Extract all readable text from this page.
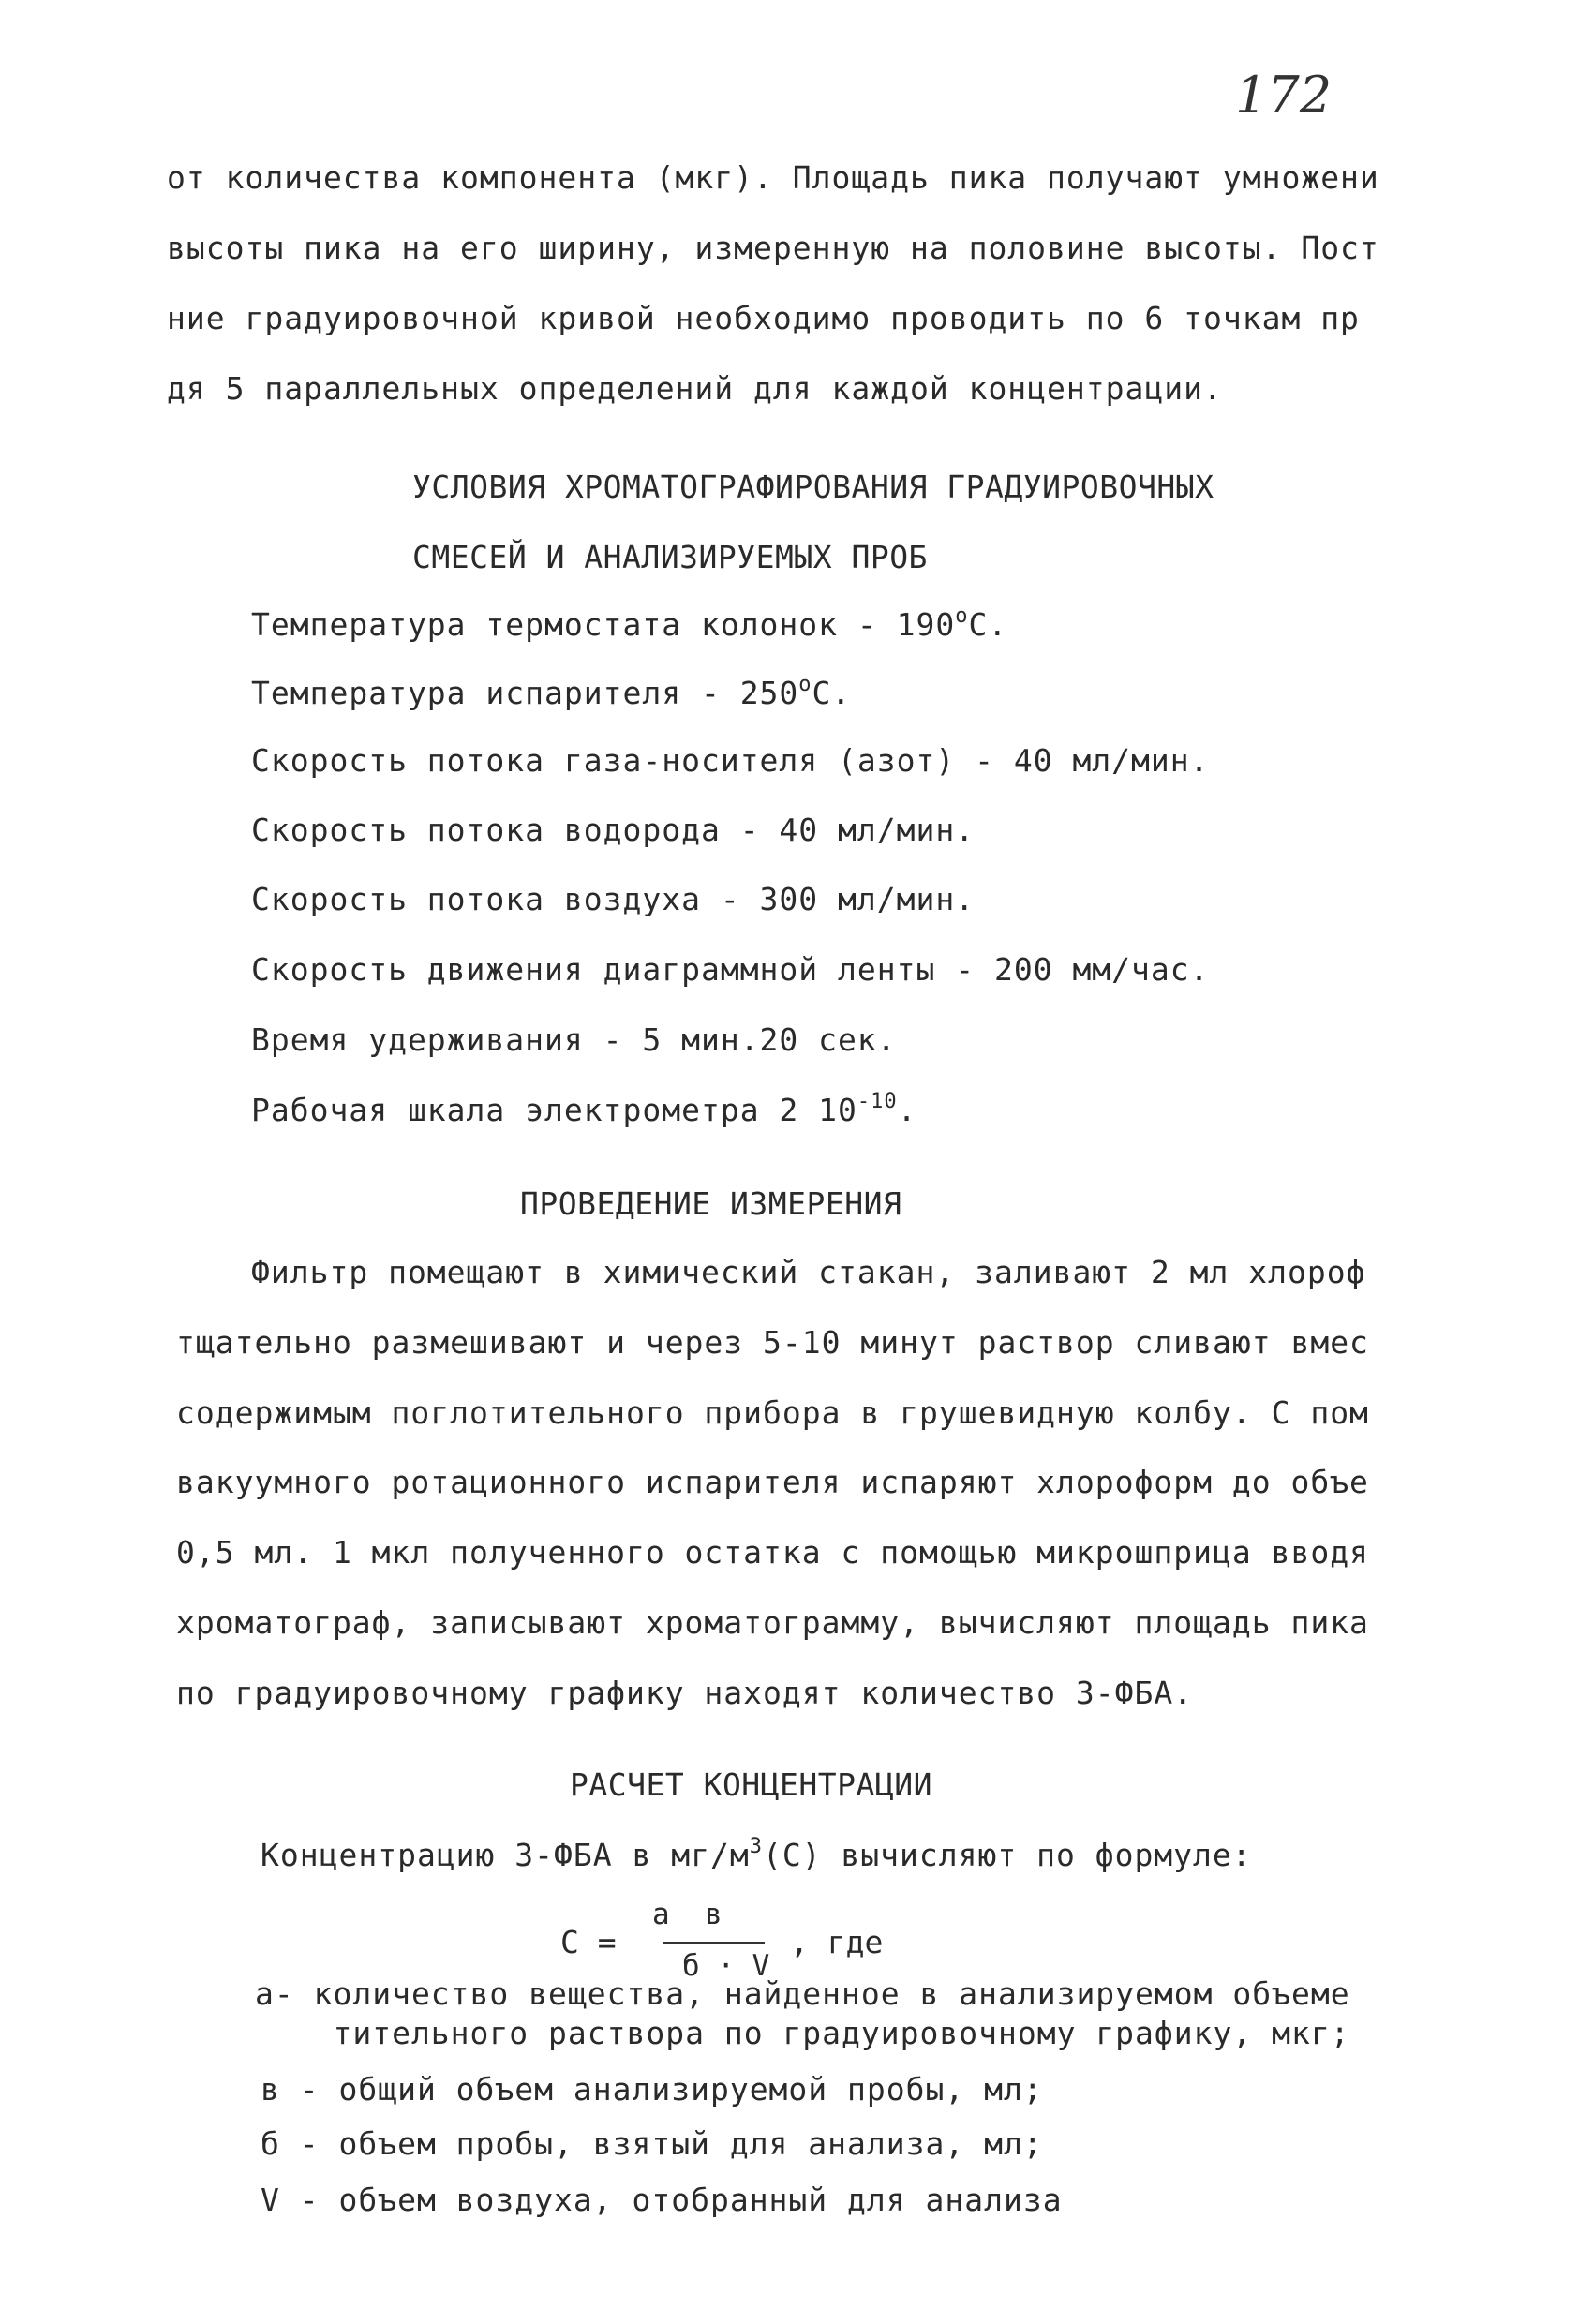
172
от количества компонента (мкг). Площадь пика получают умножени
высоты пика на его ширину, измеренную на половине высоты. Пост
ние градуировочной кривой необходимо проводить по 6 точкам пр
дя 5 параллельных определений для каждой концентрации.
УСЛОВИЯ ХРОМАТОГРАФИРОВАНИЯ ГРАДУИРОВОЧНЫХ
СМЕСЕЙ И АНАЛИЗИРУЕМЫХ ПРОБ
Температура термостата колонок - $190^оС$.
Температура испарителя - $250^оС$.
Скорость потока газа-носителя (азот) - 40 мл/мин.
Скорость потока водорода - 40 мл/мин.
Скорость потока воздуха - 300 мл/мин.
Скорость движения диаграммной ленты - 200 мм/час.
Время удерживания - 5 мин.20 сек.
Рабочая шкала электрометра 2 $10^{-10}$.
ПРОВЕДЕНИЕ ИЗМЕРЕНИЯ
Фильтр помещают в химический стакан, заливают 2 мл хлороф
тщательно размешивают и через 5-10 минут раствор сливают вмес
содержимым поглотительного прибора в грушевидную колбу. С пом
вакуумного ротационного испарителя испаряют хлороформ до объе
0,5 мл. 1 мкл полученного остатка с помощью микрошприца вводя
хроматограф, записывают хроматограмму, вычисляют площадь пика
по градуировочному графику находят количество 3-ФБА.
РАСЧЕТ КОНЦЕНТРАЦИИ
Концентрацию 3-ФБА в $мг/м^3(С)$ вычисляют по формуле:
С =
а  в
б · V
, где
а- количество вещества, найденное в анализируемом объеме
тительного раствора по градуировочному графику, мкг;
в - общий объем анализируемой пробы, мл;
б - объем пробы, взятый для анализа, мл;
V - объем воздуха, отобранный для анализа
